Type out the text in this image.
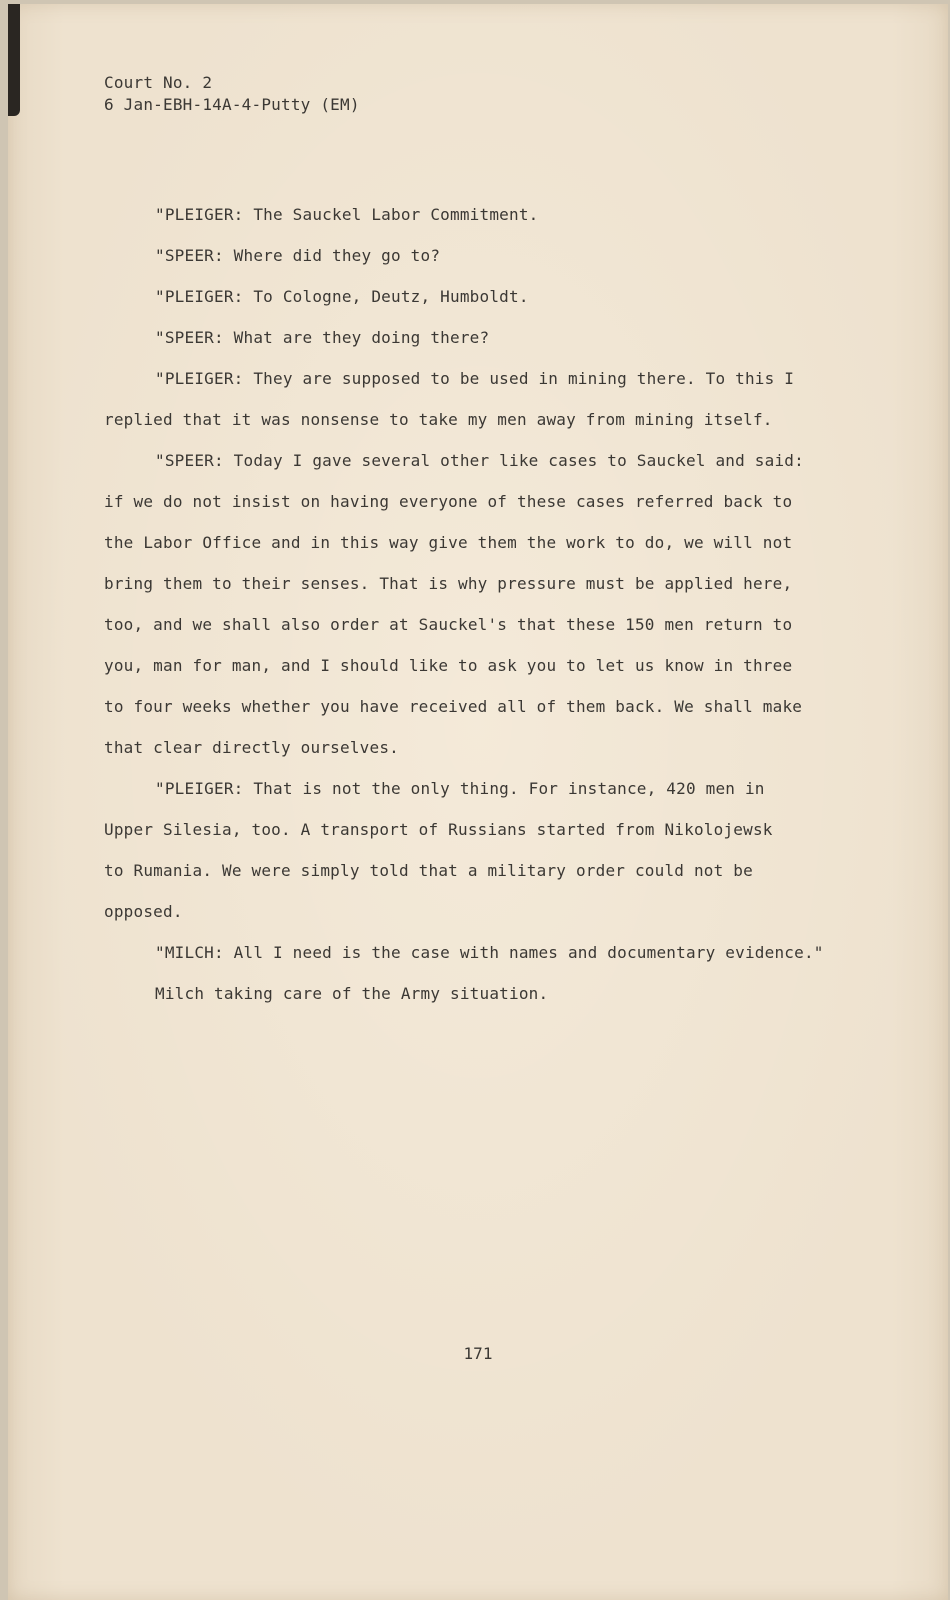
Court No. 2
6 Jan-EBH-14A-4-Putty (EM)
"PLEIGER: The Sauckel Labor Commitment.
"SPEER: Where did they go to?
"PLEIGER: To Cologne, Deutz, Humboldt.
"SPEER: What are they doing there?
"PLEIGER: They are supposed to be used in mining there. To this I
replied that it was nonsense to take my men away from mining itself.
"SPEER: Today I gave several other like cases to Sauckel and said:
if we do not insist on having everyone of these cases referred back to
the Labor Office and in this way give them the work to do, we will not
bring them to their senses. That is why pressure must be applied here,
too, and we shall also order at Sauckel's that these 150 men return to
you, man for man, and I should like to ask you to let us know in three
to four weeks whether you have received all of them back. We shall make
that clear directly ourselves.
"PLEIGER: That is not the only thing. For instance, 420 men in
Upper Silesia, too. A transport of Russians started from Nikolojewsk
to Rumania. We were simply told that a military order could not be
opposed.
"MILCH: All I need is the case with names and documentary evidence."
Milch taking care of the Army situation.
171
